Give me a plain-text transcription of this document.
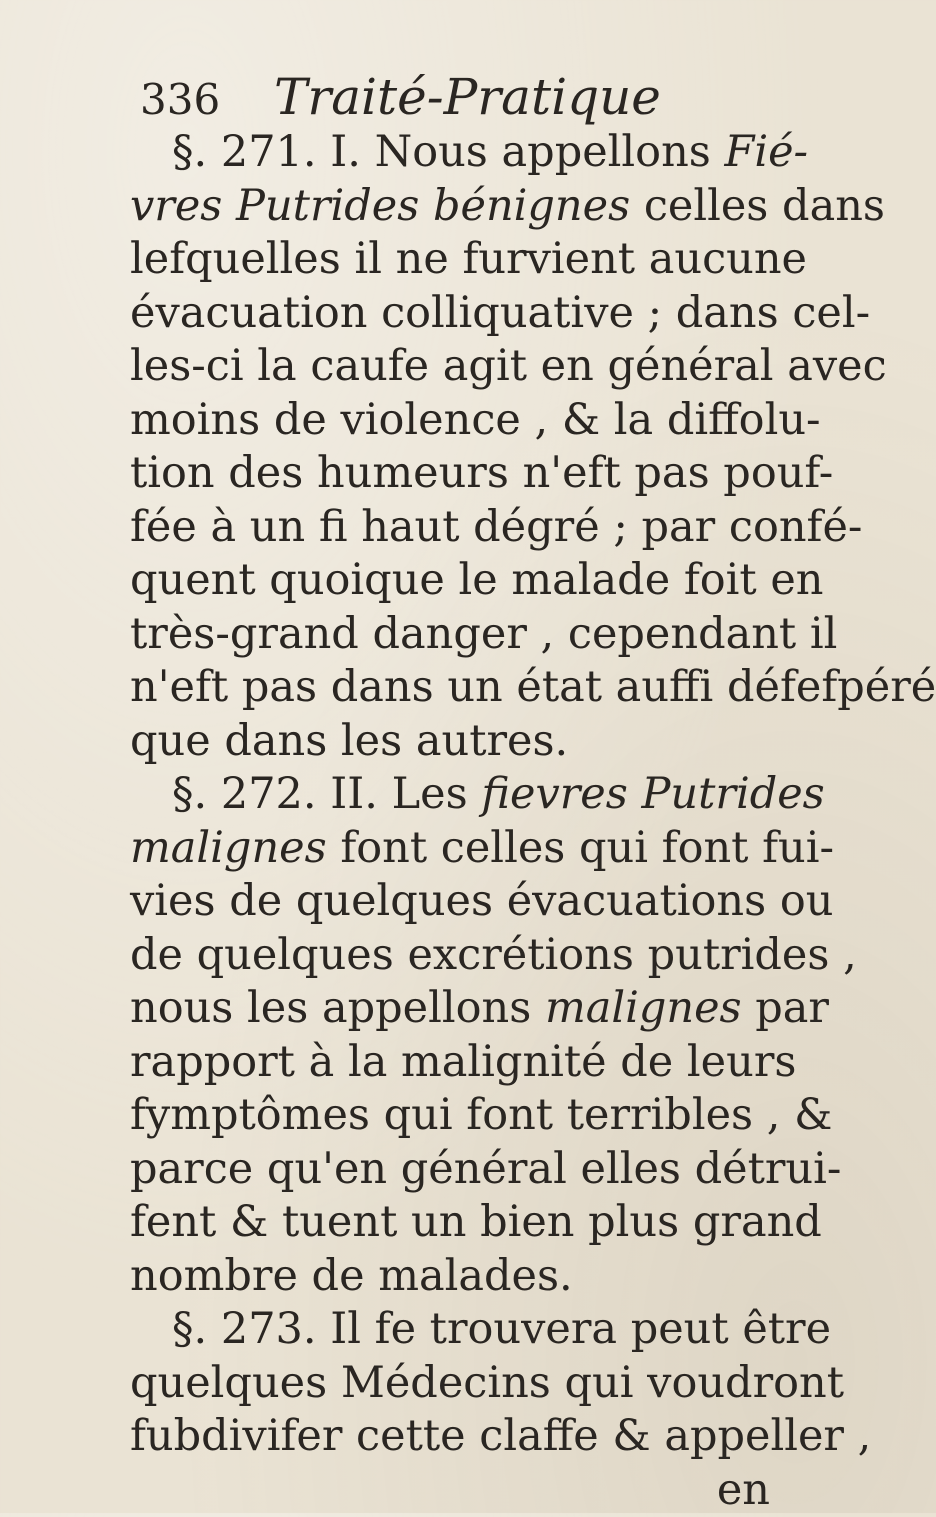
336 Traité-Pratique
§. 271. I. Nous appellons Fié-
vres Putrides bénignes celles dans
lefquelles il ne furvient aucune
évacuation colliquative ; dans cel-
les-ci la caufe agit en général avec
moins de violence , & la diffolu-
tion des humeurs n'eft pas pouf-
fée à un fi haut dégré ; par confé-
quent quoique le malade foit en
très-grand danger , cependant il
n'eft pas dans un état auffi défefpéré
que dans les autres.
§. 272. II. Les fievres Putrides
malignes font celles qui font fui-
vies de quelques évacuations ou
de quelques excrétions putrides ,
nous les appellons malignes par
rapport à la malignité de leurs
fymptômes qui font terribles , &
parce qu'en général elles détrui-
fent & tuent un bien plus grand
nombre de malades.
§. 273. Il fe trouvera peut être
quelques Médecins qui voudront
fubdivifer cette claffe & appeller ,
en
